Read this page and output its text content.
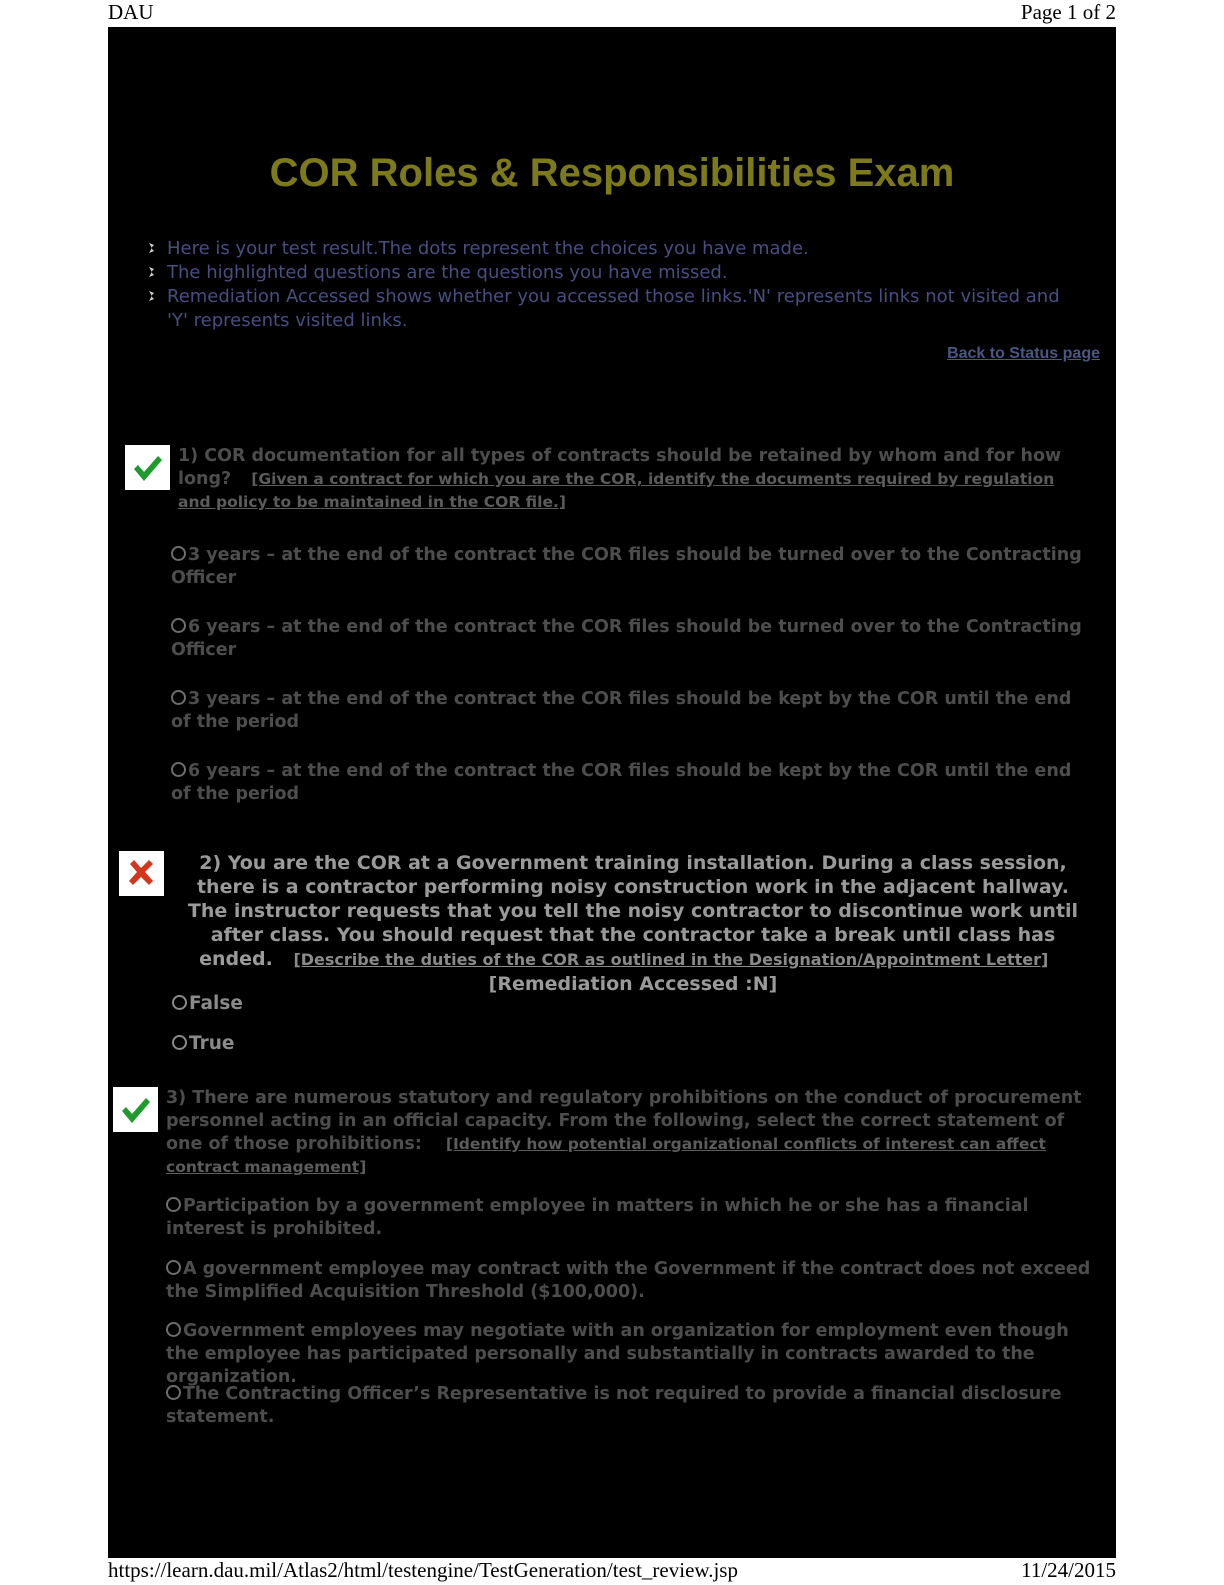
DAU	Page 1 of 2
COR Roles & Responsibilities Exam
Here is your test result.The dots represent the choices you have made.
The highlighted questions are the questions you have missed.
Remediation Accessed shows whether you accessed those links.'N' represents links not visited and 'Y' represents visited links.
Back to Status page
1) COR documentation for all types of contracts should be retained by whom and for how long? [Given a contract for which you are the COR, identify the documents required by regulation and policy to be maintained in the COR file.]
3 years – at the end of the contract the COR files should be turned over to the Contracting Officer
6 years – at the end of the contract the COR files should be turned over to the Contracting Officer
3 years – at the end of the contract the COR files should be kept by the COR until the end of the period
6 years – at the end of the contract the COR files should be kept by the COR until the end of the period
2) You are the COR at a Government training installation. During a class session, there is a contractor performing noisy construction work in the adjacent hallway. The instructor requests that you tell the noisy contractor to discontinue work until after class. You should request that the contractor take a break until class has ended. [Describe the duties of the COR as outlined in the Designation/Appointment Letter] [Remediation Accessed :N]
False
True
3) There are numerous statutory and regulatory prohibitions on the conduct of procurement personnel acting in an official capacity. From the following, select the correct statement of one of those prohibitions: [Identify how potential organizational conflicts of interest can affect contract management]
Participation by a government employee in matters in which he or she has a financial interest is prohibited.
A government employee may contract with the Government if the contract does not exceed the Simplified Acquisition Threshold ($100,000).
Government employees may negotiate with an organization for employment even though the employee has participated personally and substantially in contracts awarded to the organization.
The Contracting Officer’s Representative is not required to provide a financial disclosure statement.
https://learn.dau.mil/Atlas2/html/testengine/TestGeneration/test_review.jsp	11/24/2015
